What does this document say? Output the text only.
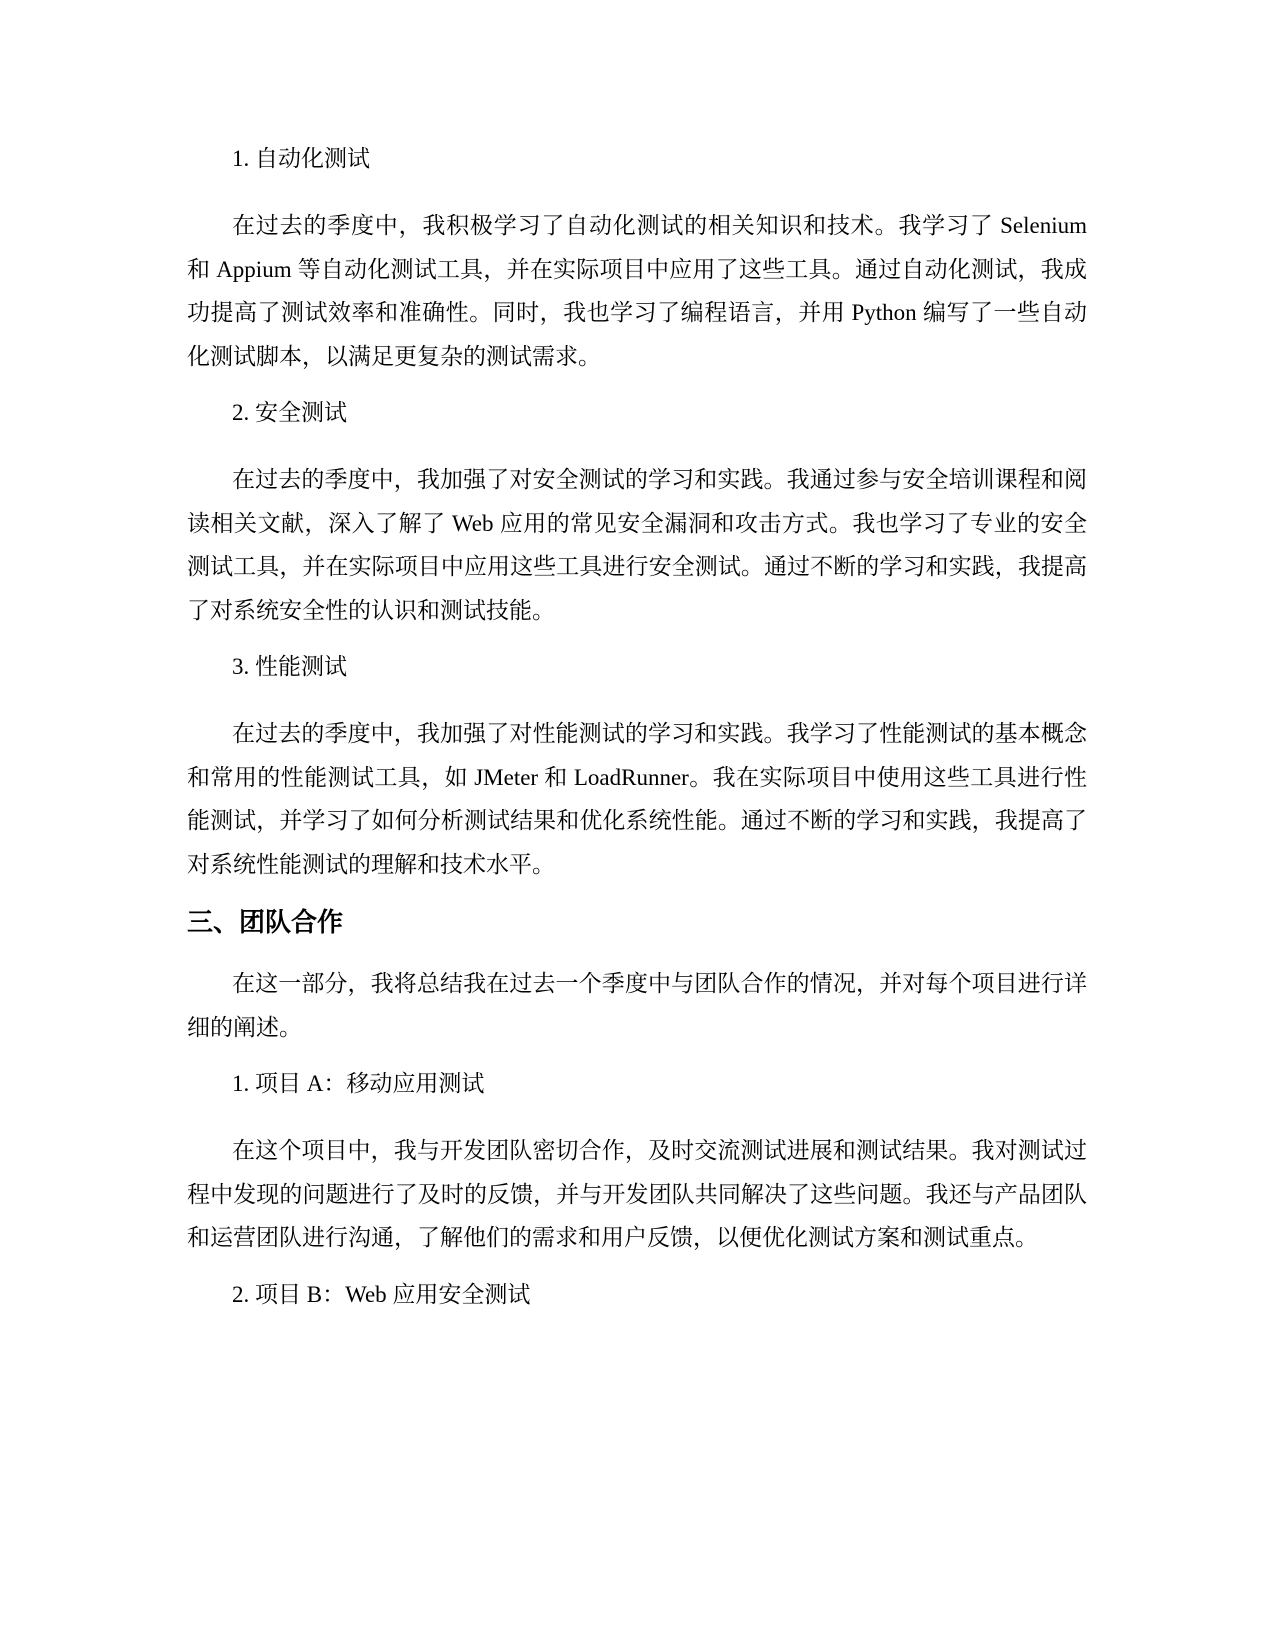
1. 自动化测试

在过去的季度中，我积极学习了自动化测试的相关知识和技术。我学习了 Selenium 和 Appium 等自动化测试工具，并在实际项目中应用了这些工具。通过自动化测试，我成功提高了测试效率和准确性。同时，我也学习了编程语言，并用 Python 编写了一些自动化测试脚本，以满足更复杂的测试需求。

2. 安全测试

在过去的季度中，我加强了对安全测试的学习和实践。我通过参与安全培训课程和阅读相关文献，深入了解了 Web 应用的常见安全漏洞和攻击方式。我也学习了专业的安全测试工具，并在实际项目中应用这些工具进行安全测试。通过不断的学习和实践，我提高了对系统安全性的认识和测试技能。

3. 性能测试

在过去的季度中，我加强了对性能测试的学习和实践。我学习了性能测试的基本概念和常用的性能测试工具，如 JMeter 和 LoadRunner。我在实际项目中使用这些工具进行性能测试，并学习了如何分析测试结果和优化系统性能。通过不断的学习和实践，我提高了对系统性能测试的理解和技术水平。

三、团队合作

在这一部分，我将总结我在过去一个季度中与团队合作的情况，并对每个项目进行详细的阐述。

1. 项目 A：移动应用测试

在这个项目中，我与开发团队密切合作，及时交流测试进展和测试结果。我对测试过程中发现的问题进行了及时的反馈，并与开发团队共同解决了这些问题。我还与产品团队和运营团队进行沟通，了解他们的需求和用户反馈，以便优化测试方案和测试重点。

2. 项目 B：Web 应用安全测试
